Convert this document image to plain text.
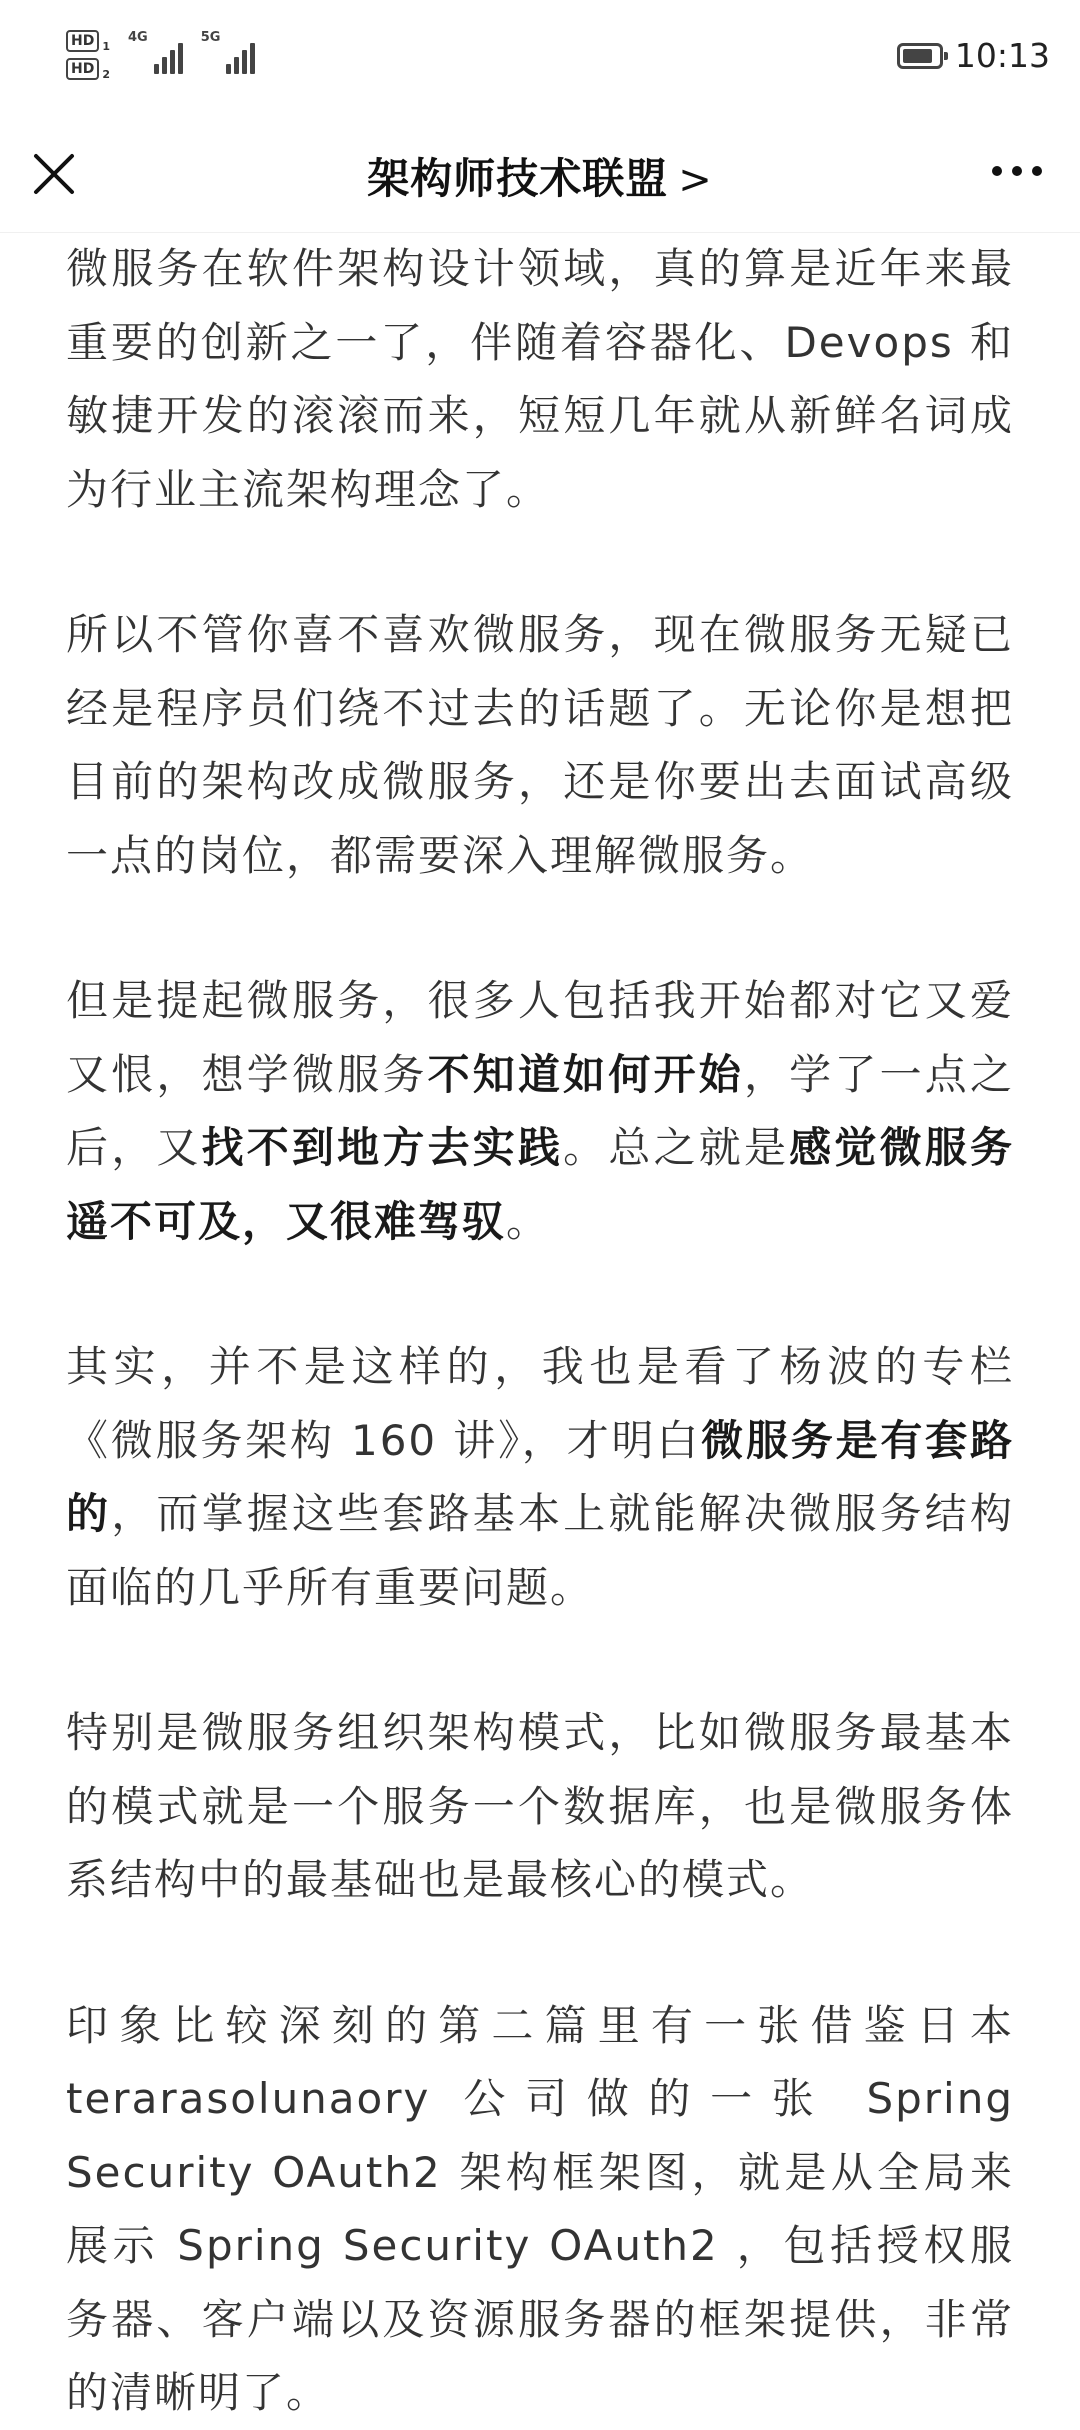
HD 1
HD 2
4G	5G	10:13
架构师技术联盟 >

微服务在软件架构设计领域，真的算是近年来最重要的创新之一了，伴随着容器化、Devops 和敏捷开发的滚滚而来，短短几年就从新鲜名词成为行业主流架构理念了。

所以不管你喜不喜欢微服务，现在微服务无疑已经是程序员们绕不过去的话题了。无论你是想把目前的架构改成微服务，还是你要出去面试高级一点的岗位，都需要深入理解微服务。

但是提起微服务，很多人包括我开始都对它又爱又恨，想学微服务不知道如何开始，学了一点之后，又找不到地方去实践。总之就是感觉微服务遥不可及，又很难驾驭。

其实，并不是这样的，我也是看了杨波的专栏《微服务架构 160 讲》，才明白微服务是有套路的，而掌握这些套路基本上就能解决微服务结构面临的几乎所有重要问题。

特别是微服务组织架构模式，比如微服务最基本的模式就是一个服务一个数据库，也是微服务体系结构中的最基础也是最核心的模式。

印象比较深刻的第二篇里有一张借鉴日本 terarasolunaory 公司做的一张 Spring Security OAuth2 架构框架图，就是从全局来展示 Spring Security OAuth2 ，包括授权服务器、客户端以及资源服务器的框架提供，非常的清晰明了。
